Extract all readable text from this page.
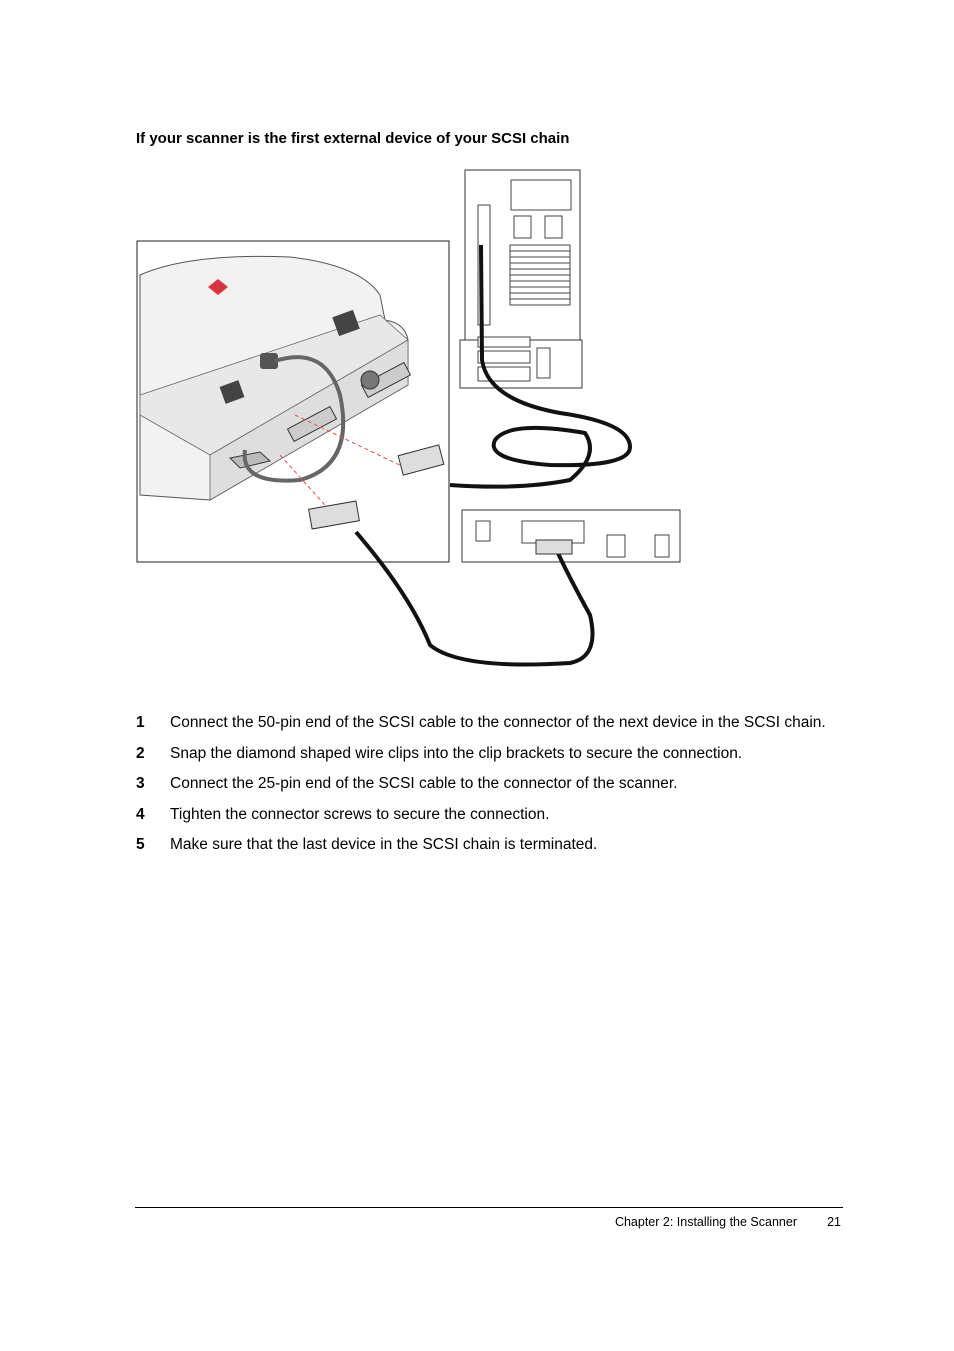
If your scanner is the first external device of your SCSI chain
1 Connect the 50-pin end of the SCSI cable to the connector of the next device in the SCSI chain.
2 Snap the diamond shaped wire clips into the clip brackets to secure the connection.
3 Connect the 25-pin end of the SCSI cable to the connector of the scanner.
4 Tighten the connector screws to secure the connection.
5 Make sure that the last device in the SCSI chain is terminated.
Chapter 2: Installing the Scanner 21
